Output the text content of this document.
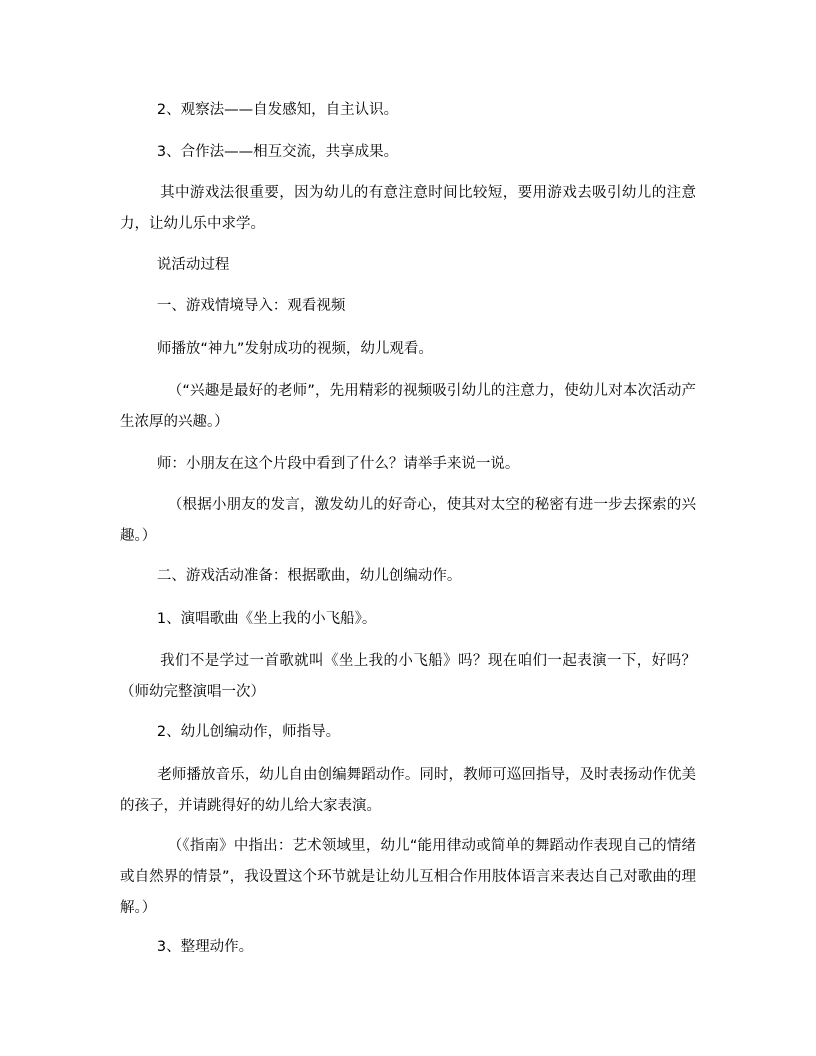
2、观察法——自发感知，自主认识。

3、合作法——相互交流，共享成果。

其中游戏法很重要，因为幼儿的有意注意时间比较短，要用游戏去吸引幼儿的注意力，让幼儿乐中求学。

说活动过程

一、游戏情境导入：观看视频

师播放“神九”发射成功的视频，幼儿观看。

（“兴趣是最好的老师”，先用精彩的视频吸引幼儿的注意力，使幼儿对本次活动产生浓厚的兴趣。）

师：小朋友在这个片段中看到了什么？请举手来说一说。

（根据小朋友的发言，激发幼儿的好奇心，使其对太空的秘密有进一步去探索的兴趣。）

二、游戏活动准备：根据歌曲，幼儿创编动作。

1、演唱歌曲《坐上我的小飞船》。

我们不是学过一首歌就叫《坐上我的小飞船》吗？现在咱们一起表演一下，好吗？（师幼完整演唱一次）

2、幼儿创编动作，师指导。

老师播放音乐，幼儿自由创编舞蹈动作。同时，教师可巡回指导，及时表扬动作优美的孩子，并请跳得好的幼儿给大家表演。

（《指南》中指出：艺术领域里，幼儿“能用律动或简单的舞蹈动作表现自己的情绪或自然界的情景”，我设置这个环节就是让幼儿互相合作用肢体语言来表达自己对歌曲的理解。）

3、整理动作。
